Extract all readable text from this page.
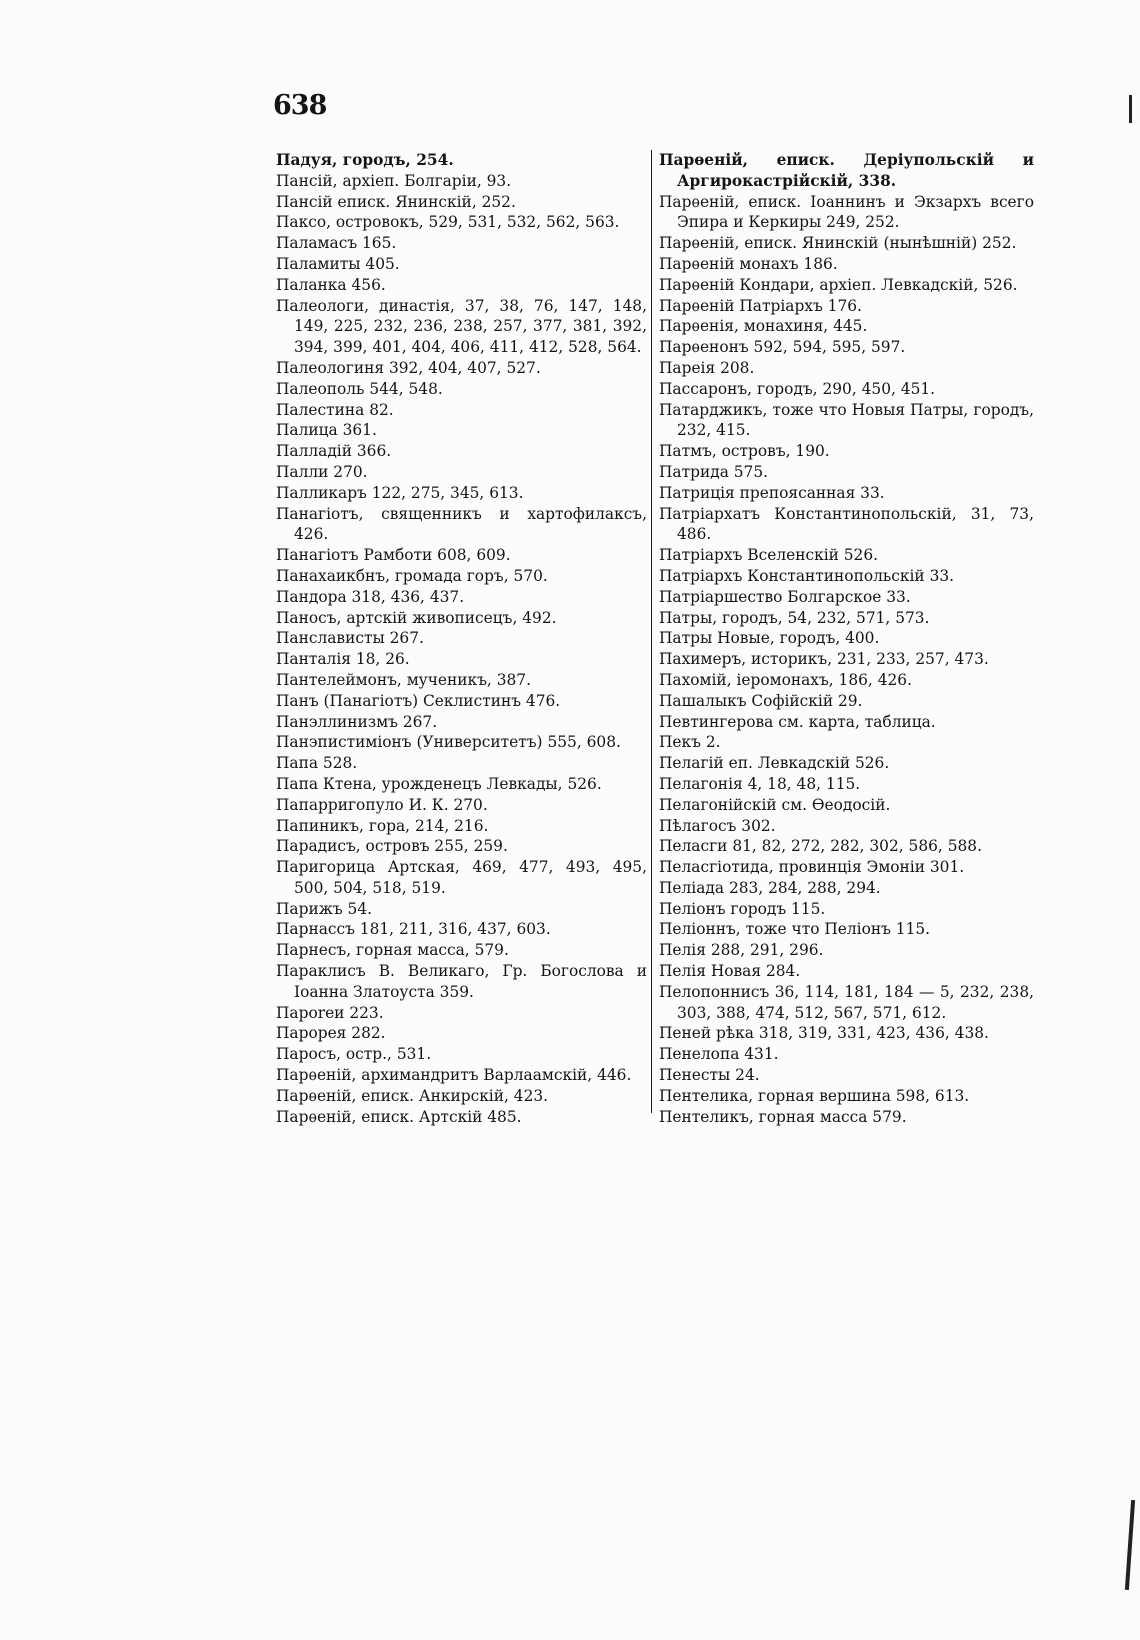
638
Падуя, городъ, 254.
Пансій, архіеп. Болгаріи, 93.
Пансій еписк. Янинскій, 252.
Паксо, островокъ, 529, 531, 532, 562, 563.
Паламасъ 165.
Паламиты 405.
Паланка 456.
Палеологи, династія, 37, 38, 76, 147, 148, 149, 225, 232, 236, 238, 257, 377, 381, 392, 394, 399, 401, 404, 406, 411, 412, 528, 564.
Палеологиня 392, 404, 407, 527.
Палеополь 544, 548.
Палестина 82.
Палица 361.
Палладій 366.
Палли 270.
Палликаръ 122, 275, 345, 613.
Панагіотъ, священникъ и хартофилаксъ, 426.
Панагіотъ Рамботи 608, 609.
Панахаикбнъ, громада горъ, 570.
Пандора 318, 436, 437.
Паносъ, артскій живописецъ, 492.
Панслависты 267.
Панталія 18, 26.
Пантелеймонъ, мученикъ, 387.
Панъ (Панагіотъ) Секлистинъ 476.
Панэллинизмъ 267.
Панэпистиміонъ (Университетъ) 555, 608.
Папа 528.
Папа Ктена, урожденецъ Левкады, 526.
Папарригопуло И. К. 270.
Папиникъ, гора, 214, 216.
Парадисъ, островъ 255, 259.
Паригорица Артская, 469, 477, 493, 495, 500, 504, 518, 519.
Парижъ 54.
Парнассъ 181, 211, 316, 437, 603.
Парнесъ, горная масса, 579.
Параклисъ В. Великаго, Гр. Богослова и Іоанна Златоуста 359.
Пароreи 223.
Парорея 282.
Паросъ, остр., 531.
Парѳеній, архимандритъ Варлаамскій, 446.
Парѳеній, еписк. Анкирскій, 423.
Парѳеній, еписк. Артскій 485.
Парѳеній, еписк. Деріупольскій и Аргирокастрійскій, 338.
Парѳеній, еписк. Іоаннинъ и Экзархъ всего Эпира и Керкиры 249, 252.
Парѳеній, еписк. Янинскій (нынѣшній) 252.
Парѳеній монахъ 186.
Парѳеній Кондари, архіеп. Левкадскій, 526.
Парѳеній Патріархъ 176.
Парѳенія, монахиня, 445.
Парѳенонъ 592, 594, 595, 597.
Пареія 208.
Пассаронъ, городъ, 290, 450, 451.
Патарджикъ, тоже что Новыя Патры, городъ, 232, 415.
Патмъ, островъ, 190.
Патрида 575.
Патриція препоясанная 33.
Патріархатъ Константинопольскій, 31, 73, 486.
Патріархъ Вселенскій 526.
Патріархъ Константинопольскій 33.
Патріаршество Болгарское 33.
Патры, городъ, 54, 232, 571, 573.
Патры Новые, городъ, 400.
Пахимеръ, историкъ, 231, 233, 257, 473.
Пахомій, іеромонахъ, 186, 426.
Пашалыкъ Софійскій 29.
Певтингерова см. карта, таблица.
Пекъ 2.
Пелагій еп. Левкадскій 526.
Пелагонія 4, 18, 48, 115.
Пелагонійскій см. Ѳеодосій.
Пѣлагосъ 302.
Пеласги 81, 82, 272, 282, 302, 586, 588.
Пеласгіотида, провинція Эмоніи 301.
Пеліада 283, 284, 288, 294.
Пеліонъ городъ 115.
Пеліоннъ, тоже что Пеліонъ 115.
Пелія 288, 291, 296.
Пелія Новая 284.
Пелопоннисъ 36, 114, 181, 184 — 5, 232, 238, 303, 388, 474, 512, 567, 571, 612.
Пеней рѣка 318, 319, 331, 423, 436, 438.
Пенелопа 431.
Пенесты 24.
Пентелика, горная вершина 598, 613.
Пентеликъ, горная масса 579.
